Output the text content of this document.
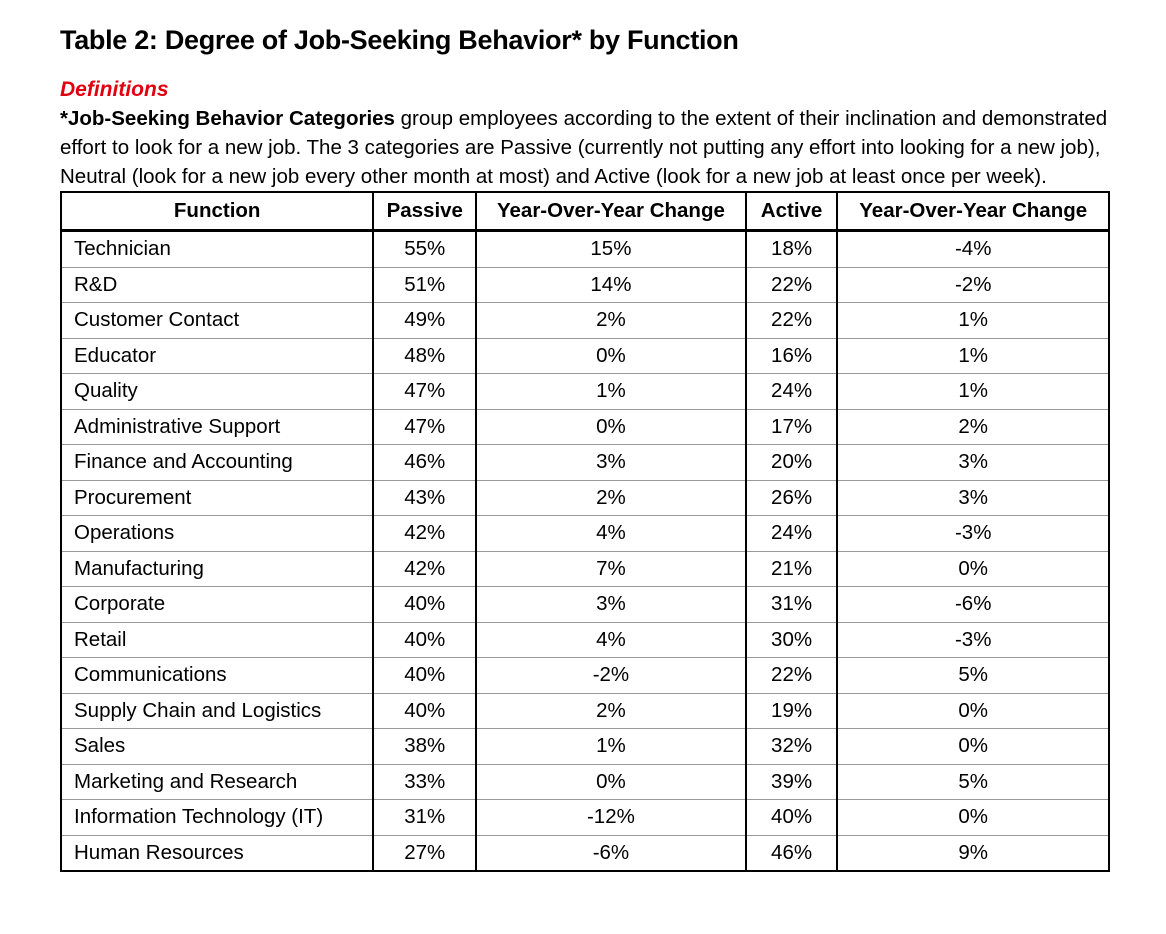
Table 2: Degree of Job-Seeking Behavior* by Function
Definitions

*Job-Seeking Behavior Categories group employees according to the extent of their inclination and demonstrated effort to look for a new job. The 3 categories are Passive (currently not putting any effort into looking for a new job), Neutral (look for a new job every other month at most) and Active (look for a new job at least once per week).

Function	Passive	Year-Over-Year Change	Active	Year-Over-Year Change
Technician	55%	15%	18%	-4%
R&D	51%	14%	22%	-2%
Customer Contact	49%	2%	22%	1%
Educator	48%	0%	16%	1%
Quality	47%	1%	24%	1%
Administrative Support	47%	0%	17%	2%
Finance and Accounting	46%	3%	20%	3%
Procurement	43%	2%	26%	3%
Operations	42%	4%	24%	-3%
Manufacturing	42%	7%	21%	0%
Corporate	40%	3%	31%	-6%
Retail	40%	4%	30%	-3%
Communications	40%	-2%	22%	5%
Supply Chain and Logistics	40%	2%	19%	0%
Sales	38%	1%	32%	0%
Marketing and Research	33%	0%	39%	5%
Information Technology (IT)	31%	-12%	40%	0%
Human Resources	27%	-6%	46%	9%
